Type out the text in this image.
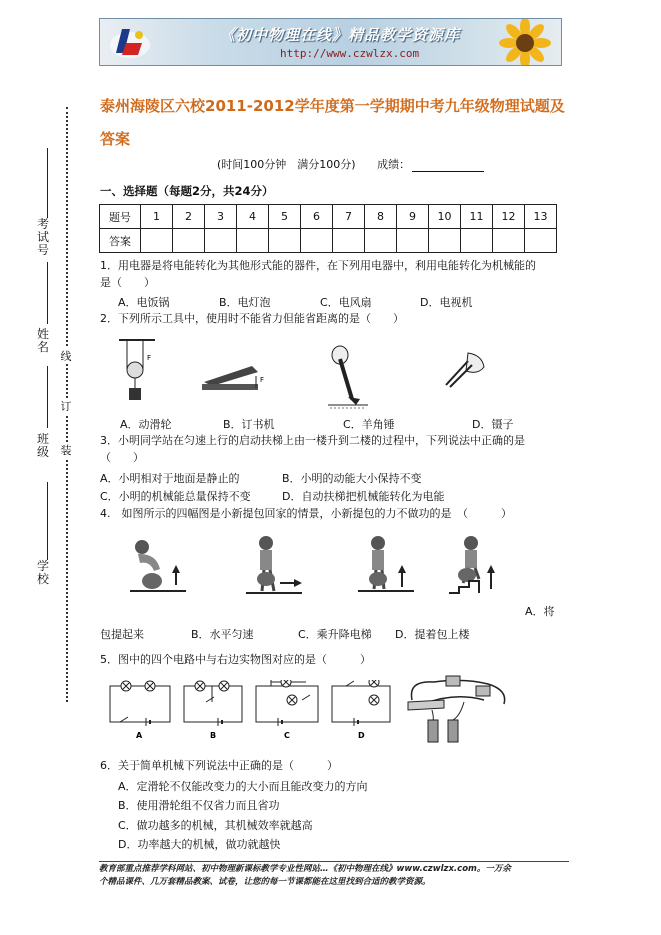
《初中物理在线》精品教学资源库
http://www.czwlzx.com
考试号
姓名
班级
学校
线
订
装
泰州海陵区六校2011-2012学年度第一学期期中考九年级物理试题及答案
(时间100分钟　满分100分) 成绩：
一、选择题（每题2分，共24分）
题号	1	2	3	4	5	6	7	8	9	10	11	12	13
答案													
1．用电器是将电能转化为其他形式能的器件，在下列用电器中，利用电能转化为机械能的
是（　　）
A．电饭锅	B．电灯泡	C．电风扇	D．电视机
2．下列所示工具中，使用时不能省力但能省距离的是（　　）
F
F
A．动滑轮	B．订书机	C．羊角锤	D．镊子
3．小明同学站在匀速上行的启动扶梯上由一楼升到二楼的过程中，下列说法中正确的是
（　　）
A．小明相对于地面是静止的	B．小明的动能大小保持不变
C．小明的机械能总量保持不变	D．自动扶梯把机械能转化为电能
4.　如图所示的四幅图是小新提包回家的情景，小新提包的力不做功的是　（　　　）
A．将
包提起来	B．水平匀速	C．乘升降电梯 D．提着包上楼
5．图中的四个电路中与右边实物图对应的是（　　　）
A	B	C	D
6．关于简单机械下列说法中正确的是（　　　）
A．定滑轮不仅能改变力的大小而且能改变力的方向
B．使用滑轮组不仅省力而且省功
C．做功越多的机械，其机械效率就越高
D．功率越大的机械，做功就越快
教育部重点推荐学科网站、初中物理新课标教学专业性网站…《初中物理在线》www.czwlzx.com。一万余
个精品课件、几万套精品教案、试卷，让您的每一节课都能在这里找到合适的教学资源。
